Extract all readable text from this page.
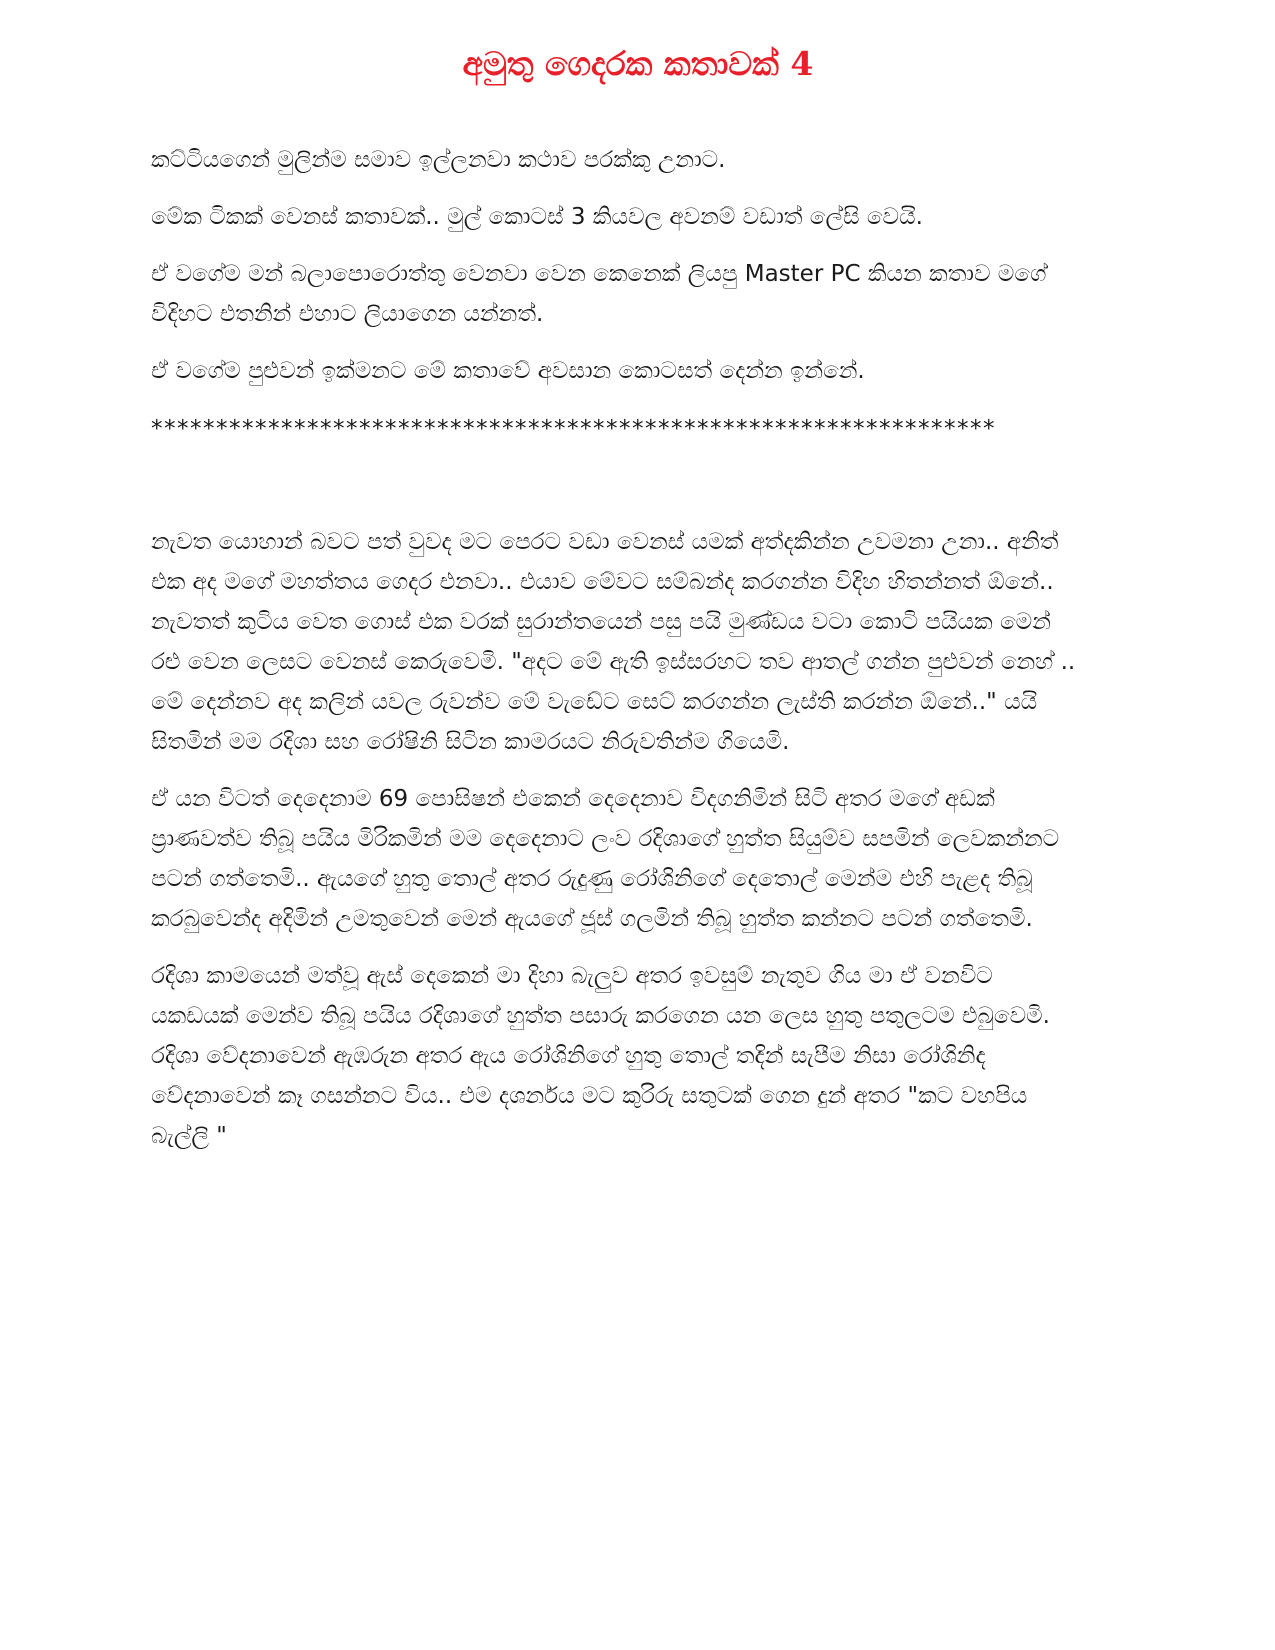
අමුතු ගෙදරක කතාවක් 4

කට්ටියගෙන් මුලින්ම සමාව ඉල්ලනවා කථාව පරක්කු උනාට.

මේක ටිකක් වෙනස් කතාවක්.. මුල් කොටස් 3 කියවල අවනම් වඩාත් ලේසි වෙයි.

ඒ වගේම මන් බලාපොරොත්තු වෙනවා වෙන කෙනෙක් ලියපු Master PC කියන කතාව මගේ විදිහට එතනින් එහාට ලියාගෙන යන්නත්.

ඒ වගේම පුළුවන් ඉක්මනට මේ කතාවේ අවසාන කොටසත් දෙන්න ඉන්නේ.

*****************************************************************

නැවත යොහාන් බවට පත් වුවද මට පෙරට වඩා වෙනස් යමක් අත්දකින්න උවමනා උනා.. අනිත් එක අද මගේ මහත්තය ගෙදර එනවා.. එයාව මේවට සම්බන්ද කරගන්න විදිහ හිතන්නත් ඕනේ.. නැවතත් කුටිය වෙත ගොස් එක වරක් සුරාන්තයෙන් පසු පයි මුණ්ඩය වටා කොටි පයියක මෙන් රළු වෙන ලෙසට වෙනස් කෙරුවෙමි. "අදට මේ ඇති ඉස්සරහට තව ආතල් ගන්න පුළුවන් නෙහ් .. මේ දෙන්නව අද කලින් යවල රුවන්ව මේ වැඩේට සෙට් කරගන්න ලැස්ති කරන්න ඕනේ.." යයි සිතමින් මම රදිශා සහ රෝෂිනි සිටින කාමරයට නිරුවතින්ම ගියෙමි.

ඒ යන විටත් දෙදෙනාම 69 පොසිෂන් එකෙන් දෙදෙනාව විදගනිමින් සිටි අතර මගේ අඩක් ප්‍රාණවත්ව තිබූ පයිය මිරිකමින් මම දෙදෙනාට ලංව රදිශාගේ හුත්ත සියුම්ව සපමින් ලෙවකන්නට පටන් ගත්තෙමි.. ඇයගේ හුතු තොල් අතර රුදුණු රෝශිනිගේ දෙතොල් මෙන්ම එහි පැළද තිබූ කරබුවෙන්ද අදිමින් උමතුවෙන් මෙන් ඇයගේ ජූස් ගලමින් තිබූ හුත්ත කන්නට පටන් ගත්තෙමි.

රදිශා කාමයෙන් මත්වූ ඇස් දෙකෙන් මා දිහා බැලුව අතර ඉවසුම් නැතුව ගිය මා ඒ වනවිට යකඩයක් මෙන්ව තිබූ පයිය රදිශාගේ හුත්ත පසාරු කරගෙන යන ලෙස හුතු පතුලටම එබුවෙමි. රදිශා වේදනාවෙන් ඇඹරුන අතර ඇය රෝශිනිගේ හුතු තොල් තදින් සැපීම නිසා රෝශිනිද වේදනාවෙන් කෑ ගසන්නට විය.. එම දශර්නය මට කුරිරු සතුටක් ගෙන දුන් අතර "කට වහපිය බැල්ලි "
